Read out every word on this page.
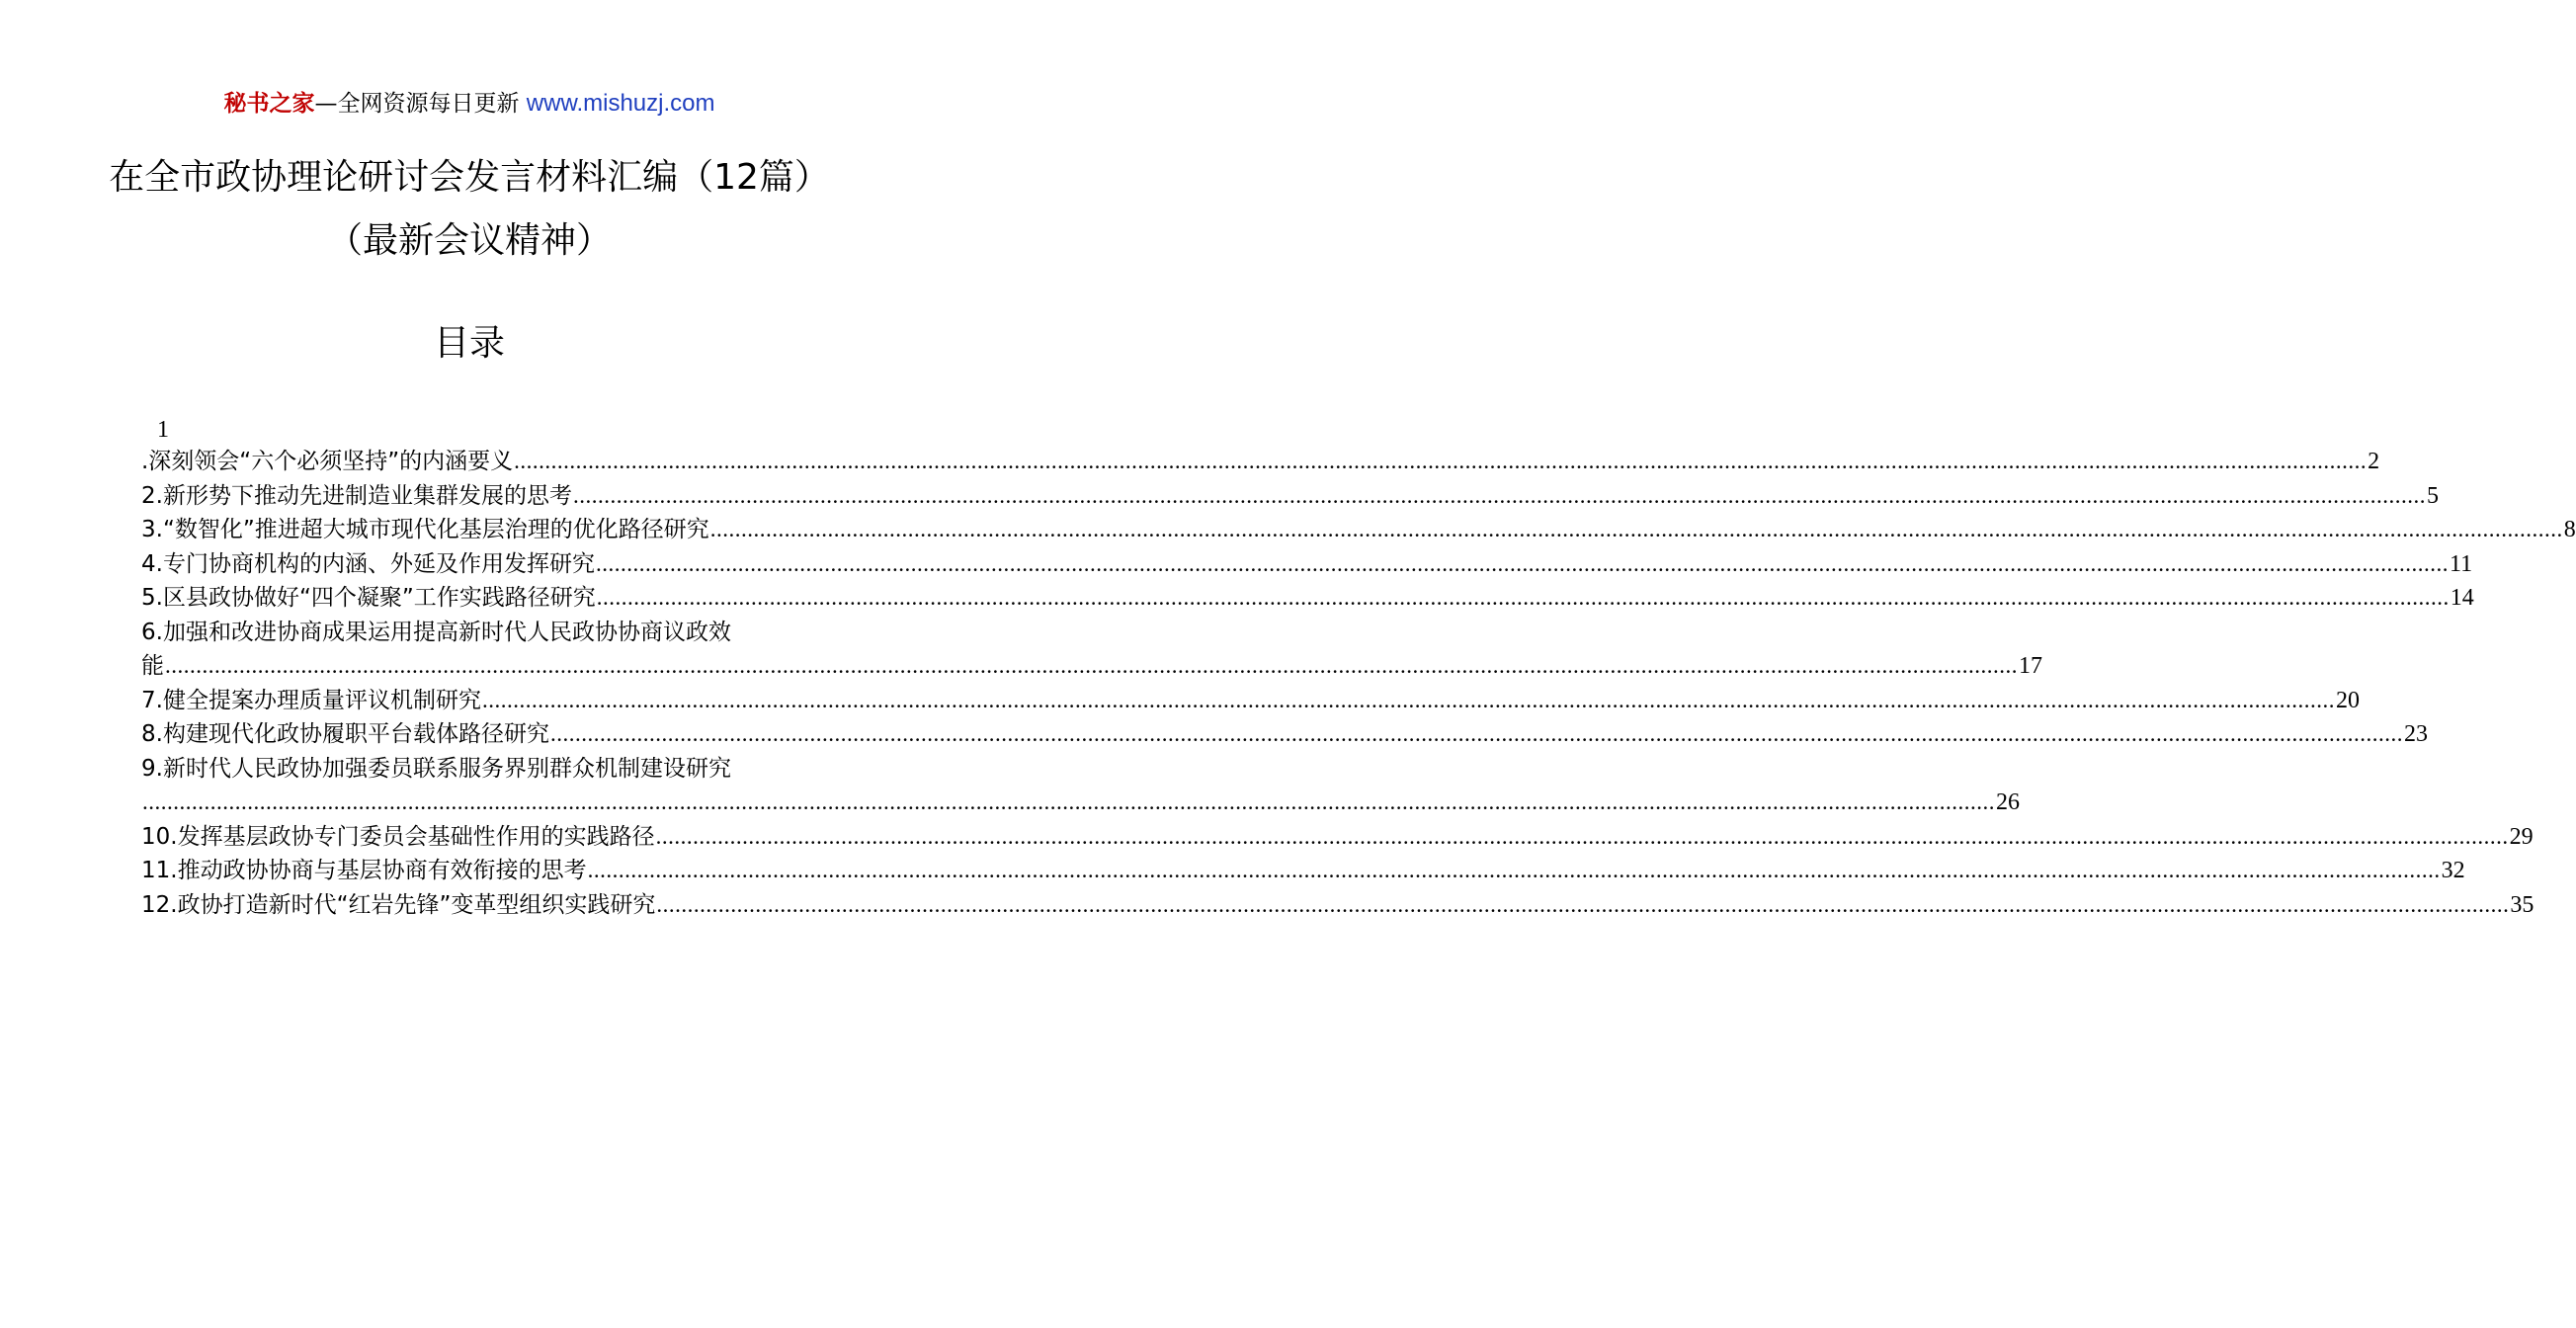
秘书之家—全网资源每日更新 www.mishuzj.com
在全市政协理论研讨会发言材料汇编（12篇）（最新会议精神）
目录
1
.深刻领会“六个必须坚持”的内涵要义 ............................................................................................................................................................................................................................................................................................................ 2
2.新形势下推动先进制造业集群发展的思考 ............................................................................................................................................................................................................................................................................................................ 5
3.“数智化”推进超大城市现代化基层治理的优化路径研究 ............................................................................................................................................................................................................................................................................................................ 8
4.专门协商机构的内涵、外延及作用发挥研究 ............................................................................................................................................................................................................................................................................................................ 11
5.区县政协做好“四个凝聚”工作实践路径研究 ............................................................................................................................................................................................................................................................................................................ 14
6.加强和改进协商成果运用提高新时代人民政协协商议政效
能 ............................................................................................................................................................................................................................................................................................................ 17
7.健全提案办理质量评议机制研究 ............................................................................................................................................................................................................................................................................................................ 20
8.构建现代化政协履职平台载体路径研究 ............................................................................................................................................................................................................................................................................................................ 23
9.新时代人民政协加强委员联系服务界别群众机制建设研究
............................................................................................................................................................................................................................................................................................................ 26
10.发挥基层政协专门委员会基础性作用的实践路径 ............................................................................................................................................................................................................................................................................................................ 29
11.推动政协协商与基层协商有效衔接的思考 ............................................................................................................................................................................................................................................................................................................ 32
12.政协打造新时代“红岩先锋”变革型组织实践研究 ............................................................................................................................................................................................................................................................................................................ 35
